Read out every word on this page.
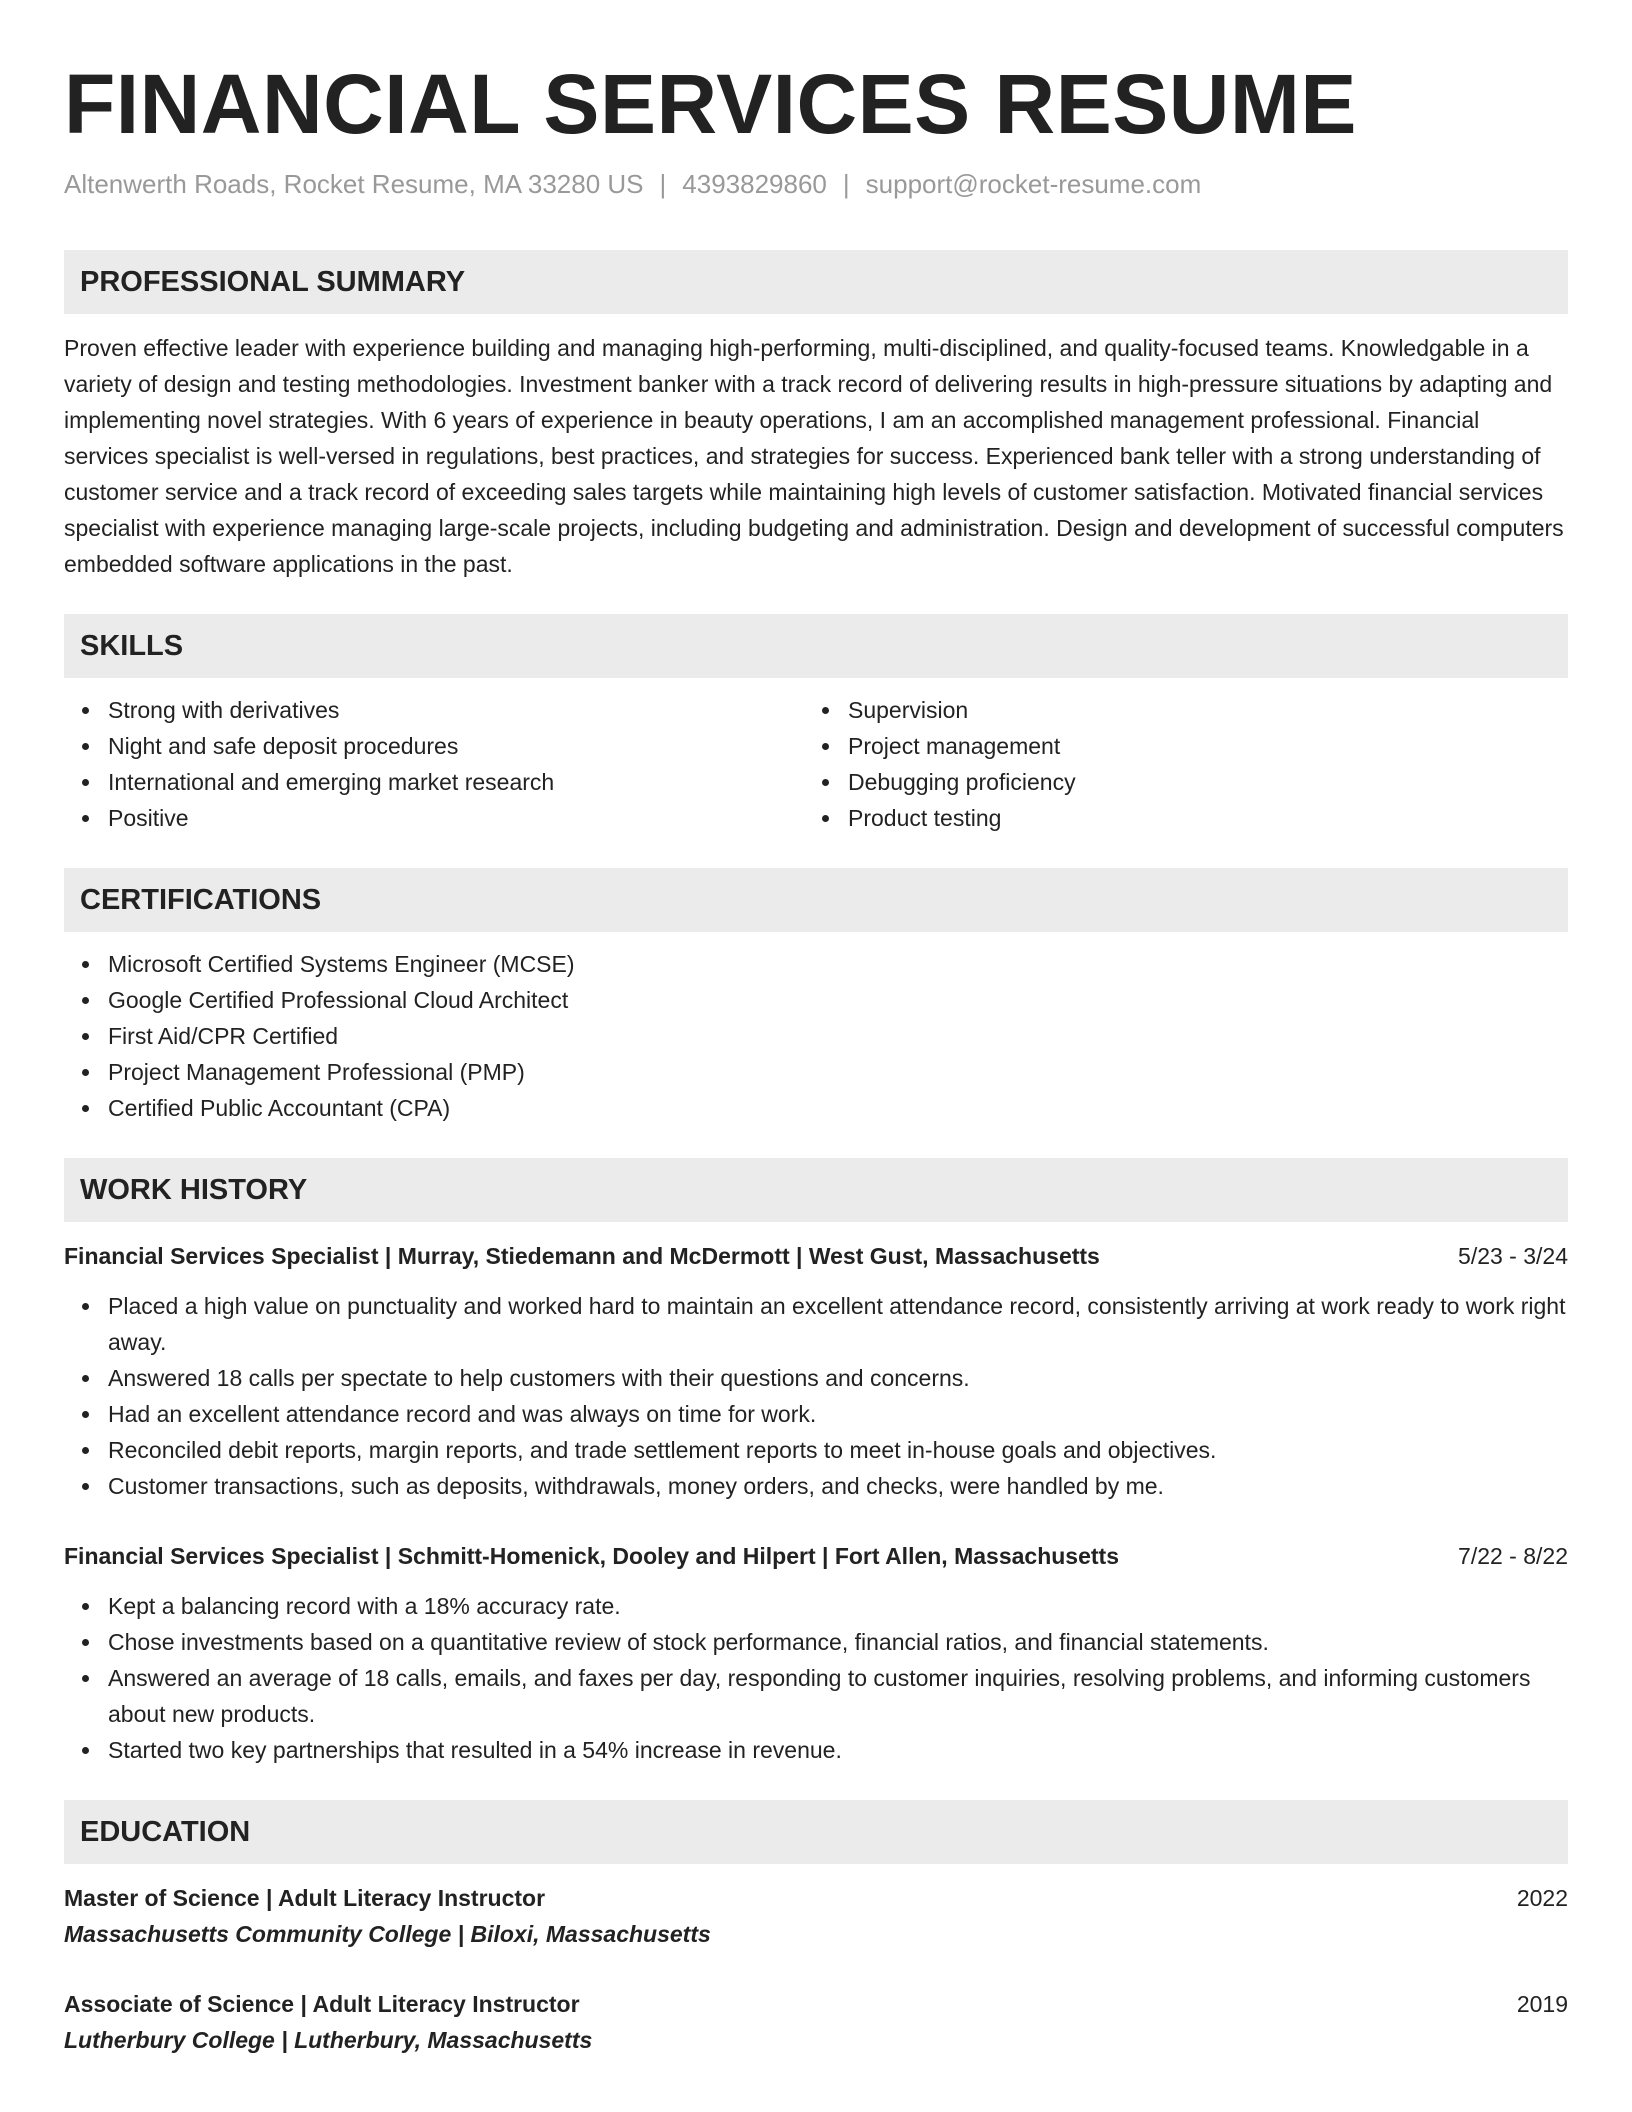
FINANCIAL SERVICES RESUME
Altenwerth Roads, Rocket Resume, MA 33280 US | 4393829860 | support@rocket-resume.com
PROFESSIONAL SUMMARY

Proven effective leader with experience building and managing high-performing, multi-disciplined, and quality-focused teams. Knowledgable in a variety of design and testing methodologies. Investment banker with a track record of delivering results in high-pressure situations by adapting and implementing novel strategies. With 6 years of experience in beauty operations, I am an accomplished management professional. Financial services specialist is well-versed in regulations, best practices, and strategies for success. Experienced bank teller with a strong understanding of customer service and a track record of exceeding sales targets while maintaining high levels of customer satisfaction. Motivated financial services specialist with experience managing large-scale projects, including budgeting and administration. Design and development of successful computers embedded software applications in the past.

SKILLS
Strong with derivatives
Night and safe deposit procedures
International and emerging market research
Positive
Supervision
Project management
Debugging proficiency
Product testing
CERTIFICATIONS
Microsoft Certified Systems Engineer (MCSE)
Google Certified Professional Cloud Architect
First Aid/CPR Certified
Project Management Professional (PMP)
Certified Public Accountant (CPA)
WORK HISTORY
Financial Services Specialist | Murray, Stiedemann and McDermott | West Gust, Massachusetts	5/23 - 3/24
Placed a high value on punctuality and worked hard to maintain an excellent attendance record, consistently arriving at work ready to work right away.
Answered 18 calls per spectate to help customers with their questions and concerns.
Had an excellent attendance record and was always on time for work.
Reconciled debit reports, margin reports, and trade settlement reports to meet in-house goals and objectives.
Customer transactions, such as deposits, withdrawals, money orders, and checks, were handled by me.
Financial Services Specialist | Schmitt-Homenick, Dooley and Hilpert | Fort Allen, Massachusetts	7/22 - 8/22
Kept a balancing record with a 18% accuracy rate.
Chose investments based on a quantitative review of stock performance, financial ratios, and financial statements.
Answered an average of 18 calls, emails, and faxes per day, responding to customer inquiries, resolving problems, and informing customers about new products.
Started two key partnerships that resulted in a 54% increase in revenue.
EDUCATION
Master of Science | Adult Literacy Instructor	2022
Massachusetts Community College | Biloxi, Massachusetts
Associate of Science | Adult Literacy Instructor	2019
Lutherbury College | Lutherbury, Massachusetts
